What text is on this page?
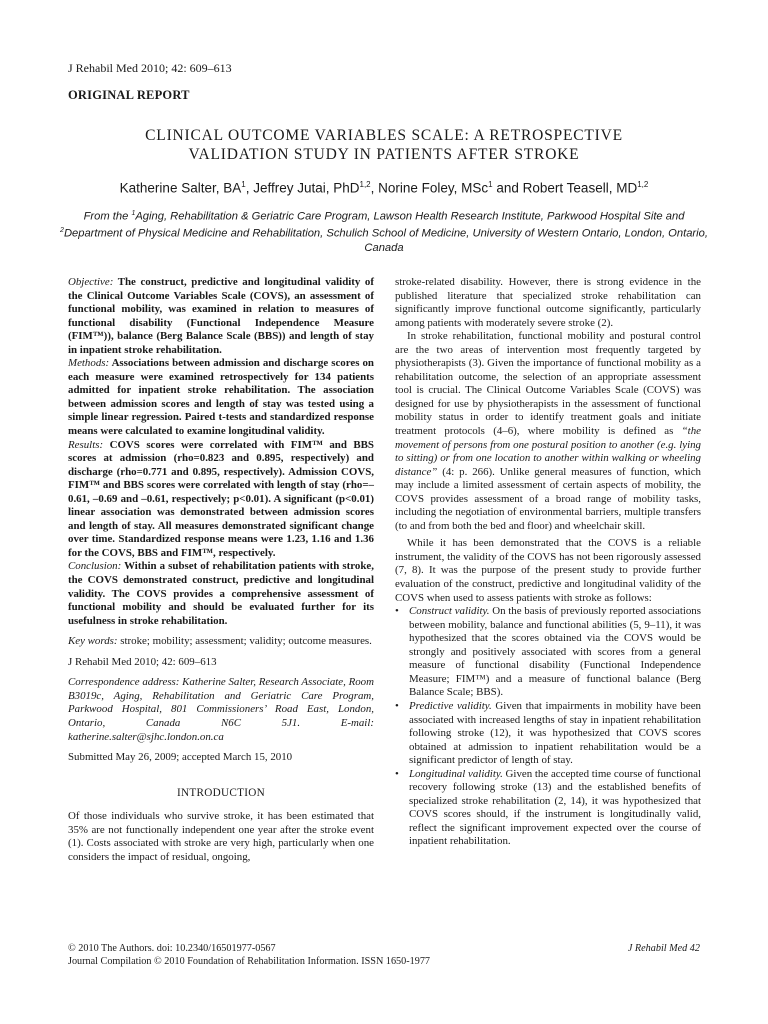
J Rehabil Med 2010; 42: 609–613
ORIGINAL REPORT
CLINICAL OUTCOME VARIABLES SCALE: A RETROSPECTIVE
VALIDATION STUDY IN PATIENTS AFTER STROKE
Katherine Salter, $BA^1$, Jeffrey Jutai, PhD$^{1,2}$, Norine Foley, MSc$^1$ and Robert Teasell, MD$^{1,2}$
From the $^1$Aging, Rehabilitation & Geriatric Care Program, Lawson Health Research Institute, Parkwood Hospital Site and $^2$Department of Physical Medicine and Rehabilitation, Schulich School of Medicine, University of Western Ontario, London, Ontario, Canada

Objective: The construct, predictive and longitudinal validity of the Clinical Outcome Variables Scale (COVS), an assessment of functional mobility, was examined in relation to measures of functional disability (Functional Independence Measure (FIM™)), balance (Berg Balance Scale (BBS)) and length of stay in inpatient stroke rehabilitation.

Methods: Associations between admission and discharge scores on each measure were examined retrospectively for 134 patients admitted for inpatient stroke rehabilitation. The association between admission scores and length of stay was tested using a simple linear regression. Paired t-tests and standardized response means were calculated to examine longitudinal validity.

Results: COVS scores were correlated with FIM™ and BBS scores at admission (rho=0.823 and 0.895, respectively) and discharge (rho=0.771 and 0.895, respectively). Admission COVS, FIM™ and BBS scores were correlated with length of stay (rho=–0.61, –0.69 and –0.61, respectively; p<0.01). A significant (p<0.01) linear association was demonstrated between admission scores and length of stay. All measures demonstrated significant change over time. Standardized response means were 1.23, 1.16 and 1.36 for the COVS, BBS and FIM™, respectively.

Conclusion: Within a subset of rehabilitation patients with stroke, the COVS demonstrated construct, predictive and longitudinal validity. The COVS provides a comprehensive assessment of functional mobility and should be evaluated further for its usefulness in stroke rehabilitation.

Key words: stroke; mobility; assessment; validity; outcome measures.

J Rehabil Med 2010; 42: 609–613

Correspondence address: Katherine Salter, Research Associate, Room B3019c, Aging, Rehabilitation and Geriatric Care Program, Parkwood Hospital, 801 Commissioners’ Road East, London, Ontario, Canada N6C 5J1. E-mail: katherine.salter@sjhc.london.on.ca

Submitted May 26, 2009; accepted March 15, 2010

INTRODUCTION

Of those individuals who survive stroke, it has been estimated that 35% are not functionally independent one year after the stroke event (1). Costs associated with stroke are very high, particularly when one considers the impact of residual, ongoing,

stroke-related disability. However, there is strong evidence in the published literature that specialized stroke rehabilitation can significantly improve functional outcome significantly, particularly among patients with moderately severe stroke (2).

In stroke rehabilitation, functional mobility and postural control are the two areas of intervention most frequently targeted by physiotherapists (3). Given the importance of functional mobility as a rehabilitation outcome, the selection of an appropriate assessment tool is crucial. The Clinical Outcome Variables Scale (COVS) was designed for use by physiotherapists in the assessment of functional mobility status in order to identify treatment goals and initiate treatment protocols (4–6), where mobility is defined as “the movement of persons from one postural position to another (e.g. lying to sitting) or from one location to another within walking or wheeling distance” (4: p. 266). Unlike general measures of function, which may include a limited assessment of certain aspects of mobility, the COVS provides assessment of a broad range of mobility tasks, including the negotiation of environmental barriers, multiple transfers (to and from both the bed and floor) and wheelchair skill.

While it has been demonstrated that the COVS is a reliable instrument, the validity of the COVS has not been rigorously assessed (7, 8). It was the purpose of the present study to provide further evaluation of the construct, predictive and longitudinal validity of the COVS when used to assess patients with stroke as follows:

• Construct validity. On the basis of previously reported associations between mobility, balance and functional abilities (5, 9–11), it was hypothesized that the scores obtained via the COVS would be strongly and positively associated with scores from a general measure of functional disability (Functional Independence Measure; FIM™) and a measure of functional balance (Berg Balance Scale; BBS).
• Predictive validity. Given that impairments in mobility have been associated with increased lengths of stay in inpatient rehabilitation following stroke (12), it was hypothesized that COVS scores obtained at admission to inpatient rehabilitation would be a significant predictor of length of stay.
• Longitudinal validity. Given the accepted time course of functional recovery following stroke (13) and the established benefits of specialized stroke rehabilitation (2, 14), it was hypothesized that COVS scores should, if the instrument is longitudinally valid, reflect the significant improvement expected over the course of inpatient rehabilitation.
© 2010 The Authors. doi: 10.2340/16501977-0567
Journal Compilation © 2010 Foundation of Rehabilitation Information. ISSN 1650-1977
J Rehabil Med 42
